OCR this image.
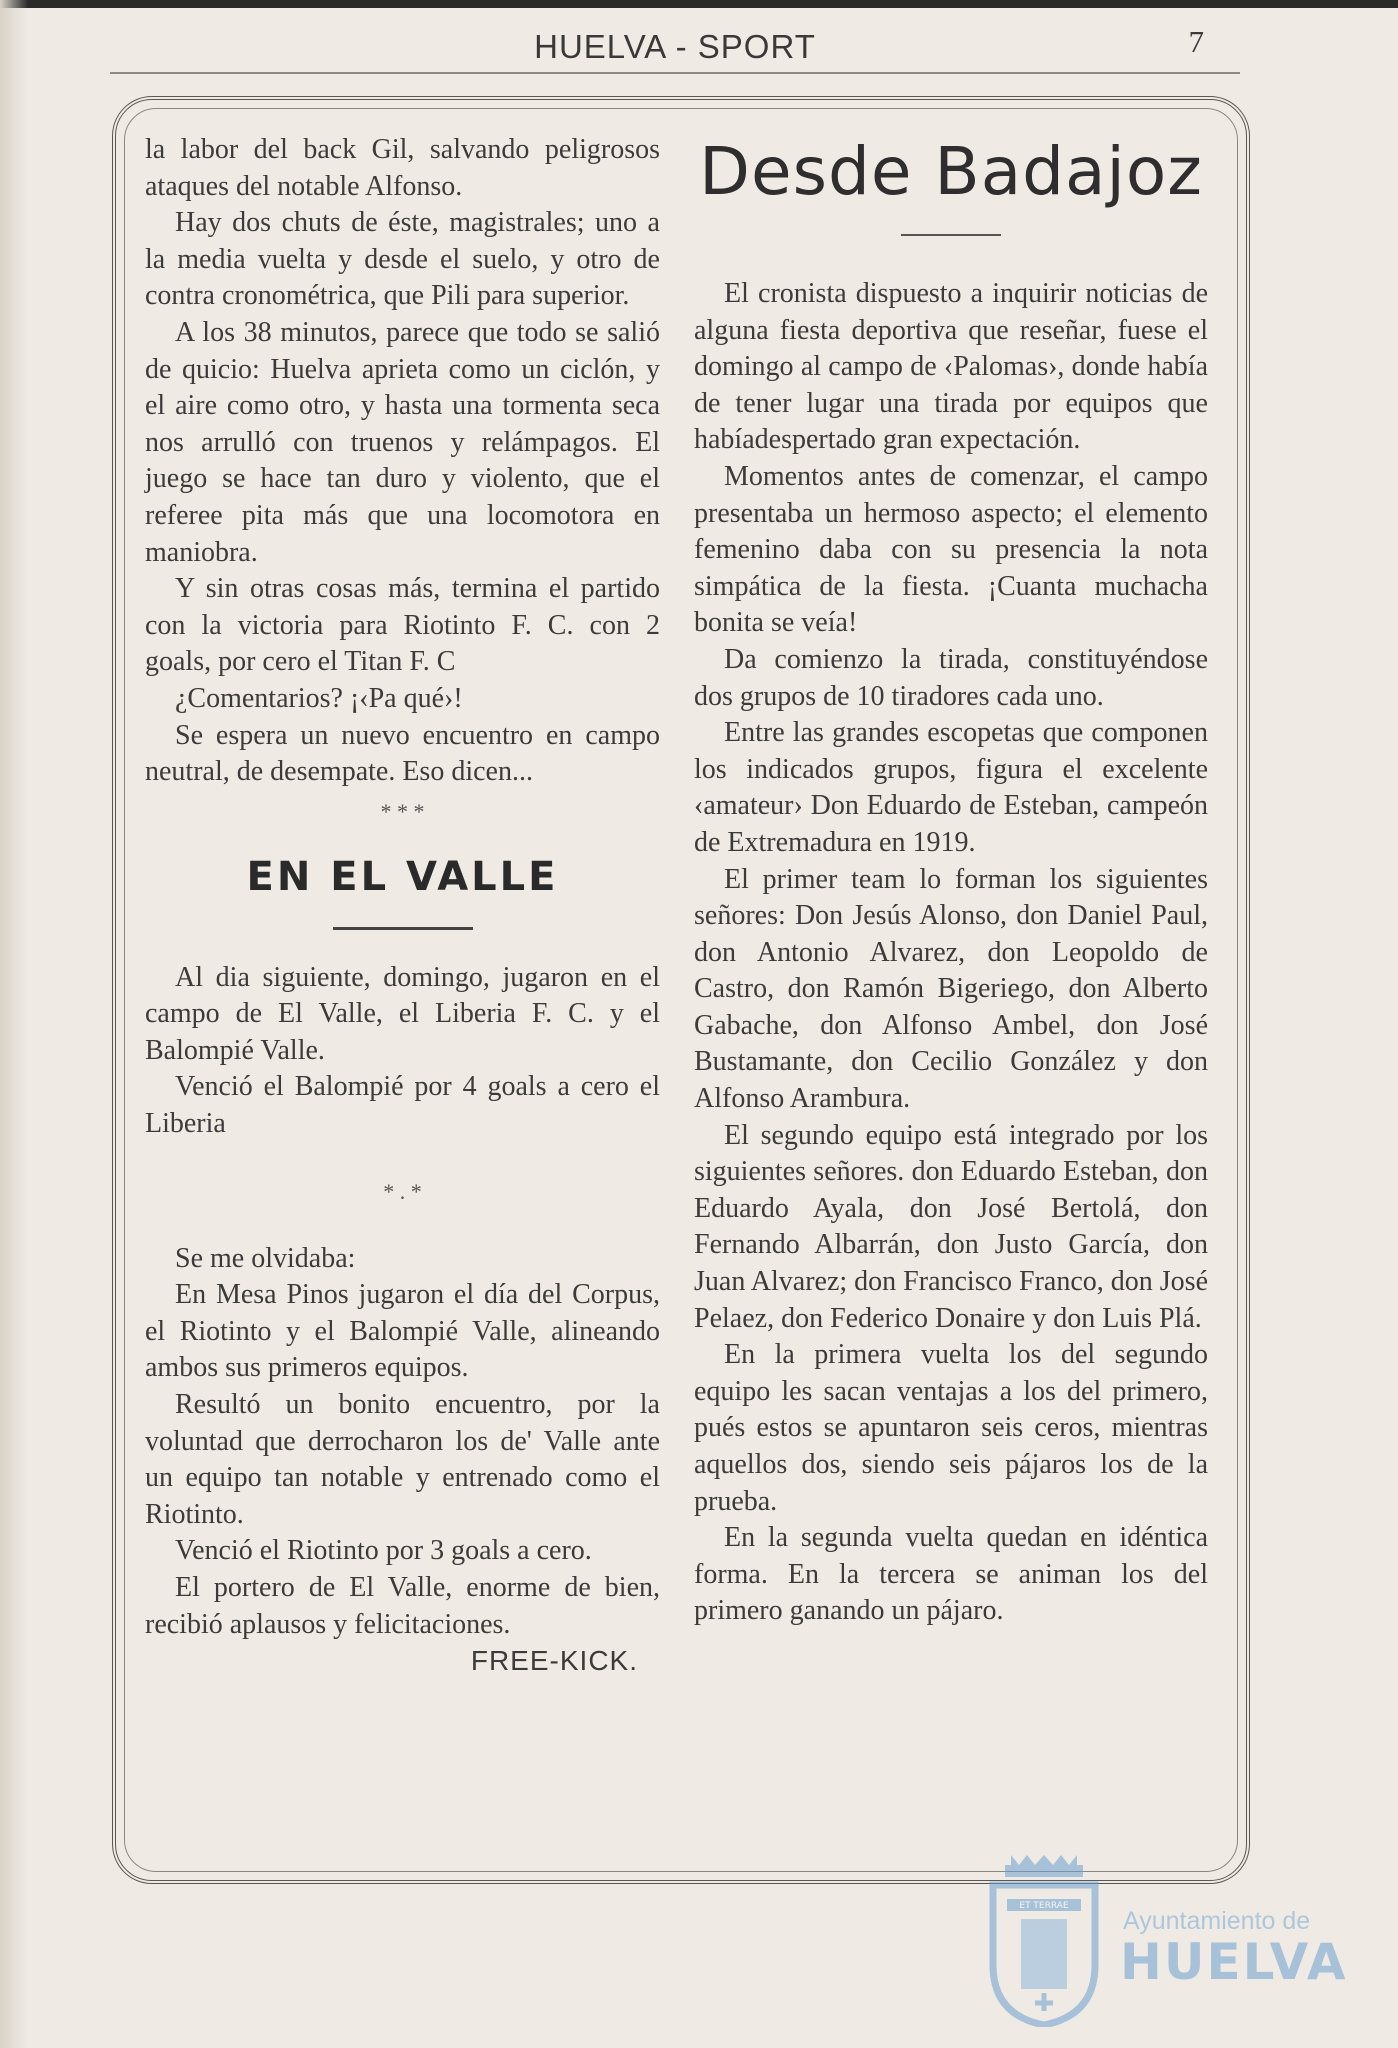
HUELVA - SPORT	7

la labor del back Gil, salvando peligrosos ataques del notable Alfonso.

Hay dos chuts de éste, magistrales; uno a la media vuelta y desde el suelo, y otro de contra cronométrica, que Pili para superior.

A los 38 minutos, parece que todo se salió de quicio: Huelva aprieta como un ciclón, y el aire como otro, y hasta una tormenta seca nos arrulló con truenos y relámpagos. El juego se hace tan duro y violento, que el referee pita más que una locomotora en maniobra.

Y sin otras cosas más, termina el partido con la victoria para Riotinto F. C. con 2 goals, por cero el Titan F. C

¿Comentarios? ¡‹Pa qué›!

Se espera un nuevo encuentro en campo neutral, de desempate. Eso dicen...

* * *
EN EL VALLE

Al dia siguiente, domingo, jugaron en el campo de El Valle, el Liberia F. C. y el Balompié Valle.

Venció el Balompié por 4 goals a cero el Liberia

* . *

Se me olvidaba:

En Mesa Pinos jugaron el día del Corpus, el Riotinto y el Balompié Valle, alineando ambos sus primeros equipos.

Resultó un bonito encuentro, por la voluntad que derrocharon los de' Valle ante un equipo tan notable y entrenado como el Riotinto.

Venció el Riotinto por 3 goals a cero.

El portero de El Valle, enorme de bien, recibió aplausos y felicitaciones.

FREE-KICK.
Desde Badajoz

El cronista dispuesto a inquirir noticias de alguna fiesta deportiva que reseñar, fuese el domingo al campo de ‹Palomas›, donde había de tener lugar una tirada por equipos que habíadespertado gran expectación.

Momentos antes de comenzar, el campo presentaba un hermoso aspecto; el elemento femenino daba con su presencia la nota simpática de la fiesta. ¡Cuanta muchacha bonita se veía!

Da comienzo la tirada, constituyéndose dos grupos de 10 tiradores cada uno.

Entre las grandes escopetas que componen los indicados grupos, figura el excelente ‹amateur› Don Eduardo de Esteban, campeón de Extremadura en 1919.

El primer team lo forman los siguientes señores: Don Jesús Alonso, don Daniel Paul, don Antonio Alvarez, don Leopoldo de Castro, don Ramón Bigeriego, don Alberto Gabache, don Alfonso Ambel, don José Bustamante, don Cecilio González y don Alfonso Arambura.

El segundo equipo está integrado por los siguientes señores. don Eduardo Esteban, don Eduardo Ayala, don José Bertolá, don Fernando Albarrán, don Justo García, don Juan Alvarez; don Francisco Franco, don José Pelaez, don Federico Donaire y don Luis Plá.

En la primera vuelta los del segundo equipo les sacan ventajas a los del primero, pués estos se apuntaron seis ceros, mientras aquellos dos, siendo seis pájaros los de la prueba.

En la segunda vuelta quedan en idéntica forma. En la tercera se animan los del primero ganando un pájaro.

ET TERRAE
Ayuntamiento de
HUELVA
